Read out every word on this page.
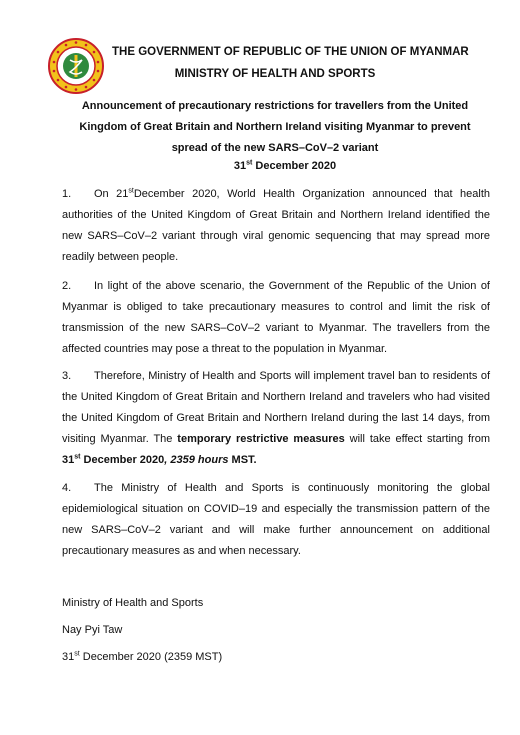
THE GOVERNMENT OF REPUBLIC OF THE UNION OF MYANMAR
MINISTRY OF HEALTH AND SPORTS
Announcement of precautionary restrictions for travellers from the United Kingdom of Great Britain and Northern Ireland visiting Myanmar to prevent spread of the new SARS–CoV–2 variant
31st December 2020
1. On 21stDecember 2020, World Health Organization announced that health authorities of the United Kingdom of Great Britain and Northern Ireland identified the new SARS–CoV–2 variant through viral genomic sequencing that may spread more readily between people.
2. In light of the above scenario, the Government of the Republic of the Union of Myanmar is obliged to take precautionary measures to control and limit the risk of transmission of the new SARS–CoV–2 variant to Myanmar. The travellers from the affected countries may pose a threat to the population in Myanmar.
3. Therefore, Ministry of Health and Sports will implement travel ban to residents of the United Kingdom of Great Britain and Northern Ireland and travelers who had visited the United Kingdom of Great Britain and Northern Ireland during the last 14 days, from visiting Myanmar. The temporary restrictive measures will take effect starting from 31st December 2020, 2359 hours MST.
4. The Ministry of Health and Sports is continuously monitoring the global epidemiological situation on COVID–19 and especially the transmission pattern of the new SARS–CoV–2 variant and will make further announcement on additional precautionary measures as and when necessary.
Ministry of Health and Sports
Nay Pyi Taw
31st December 2020 (2359 MST)
